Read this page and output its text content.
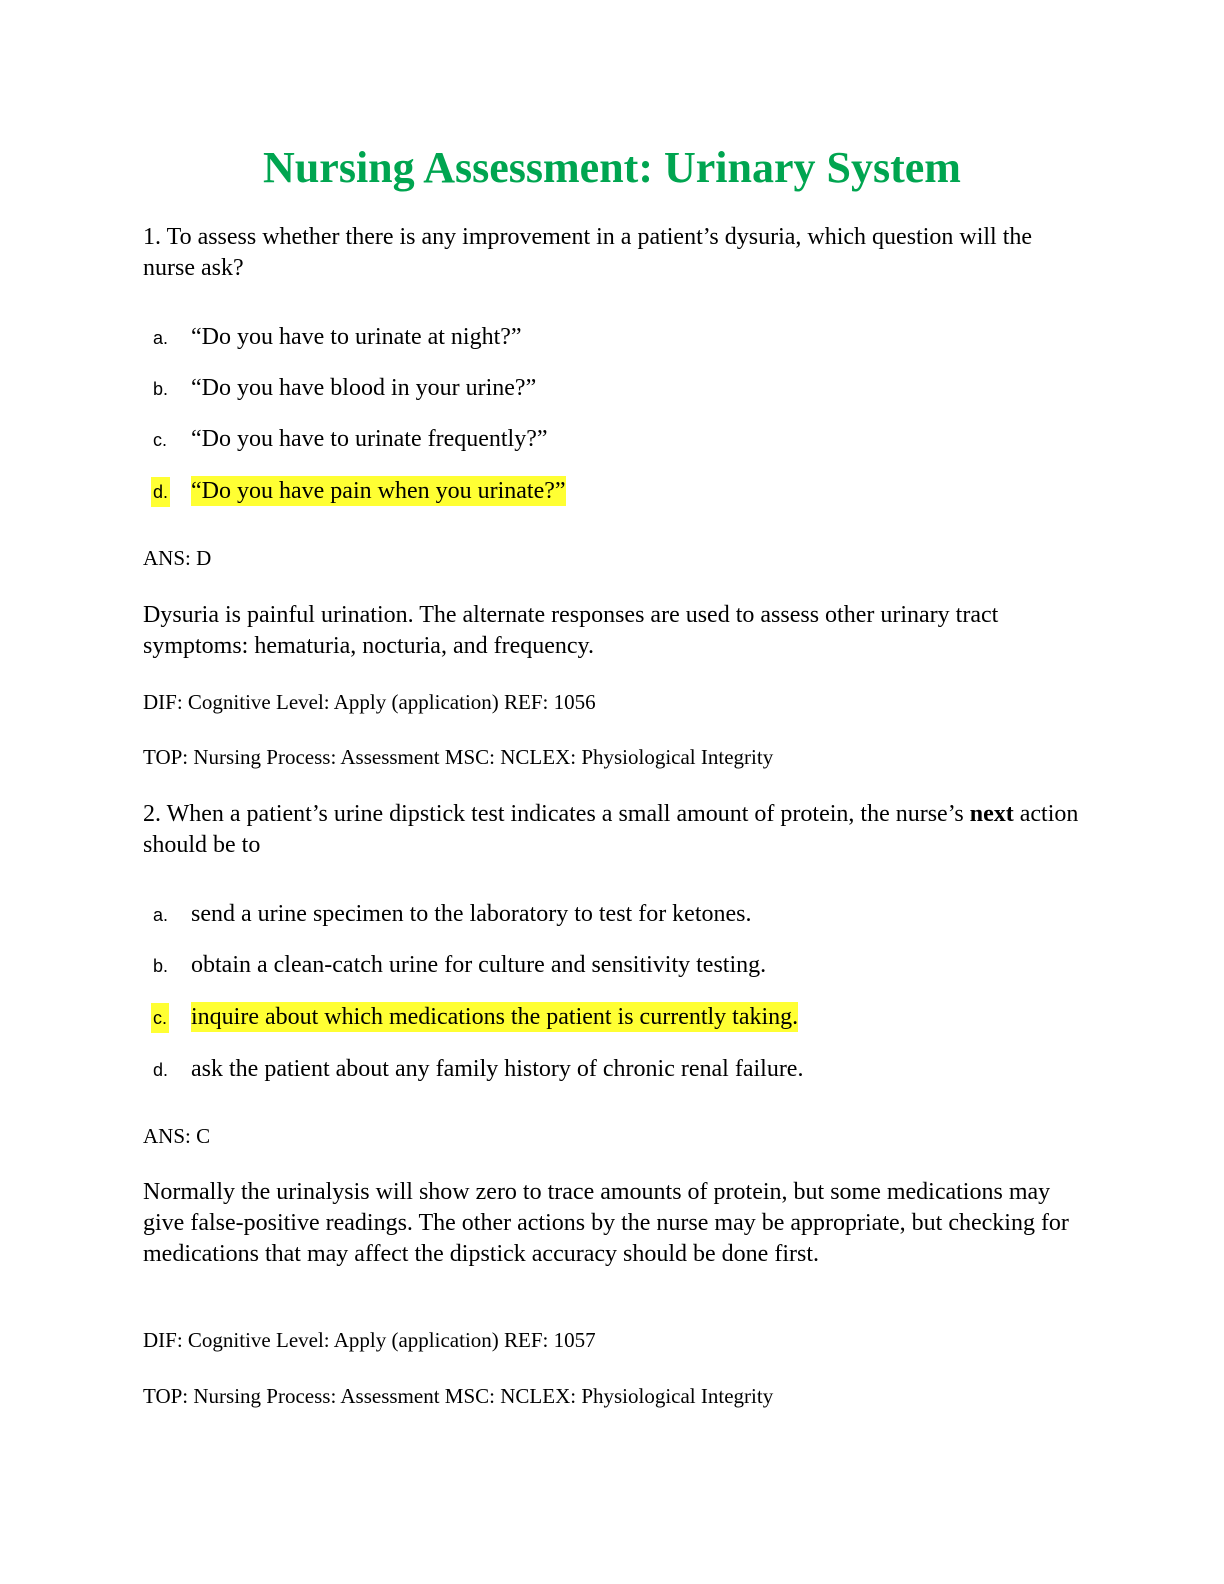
Nursing Assessment: Urinary System
1. To assess whether there is any improvement in a patient’s dysuria, which question will the nurse ask?
a. “Do you have to urinate at night?”
b. “Do you have blood in your urine?”
c. “Do you have to urinate frequently?”
d. “Do you have pain when you urinate?”
ANS: D
Dysuria is painful urination. The alternate responses are used to assess other urinary tract symptoms: hematuria, nocturia, and frequency.
DIF: Cognitive Level: Apply (application) REF: 1056
TOP: Nursing Process: Assessment MSC: NCLEX: Physiological Integrity
2. When a patient’s urine dipstick test indicates a small amount of protein, the nurse’s next action should be to
a. send a urine specimen to the laboratory to test for ketones.
b. obtain a clean-catch urine for culture and sensitivity testing.
c. inquire about which medications the patient is currently taking.
d. ask the patient about any family history of chronic renal failure.
ANS: C
Normally the urinalysis will show zero to trace amounts of protein, but some medications may give false-positive readings. The other actions by the nurse may be appropriate, but checking for medications that may affect the dipstick accuracy should be done first.
DIF: Cognitive Level: Apply (application) REF: 1057
TOP: Nursing Process: Assessment MSC: NCLEX: Physiological Integrity
